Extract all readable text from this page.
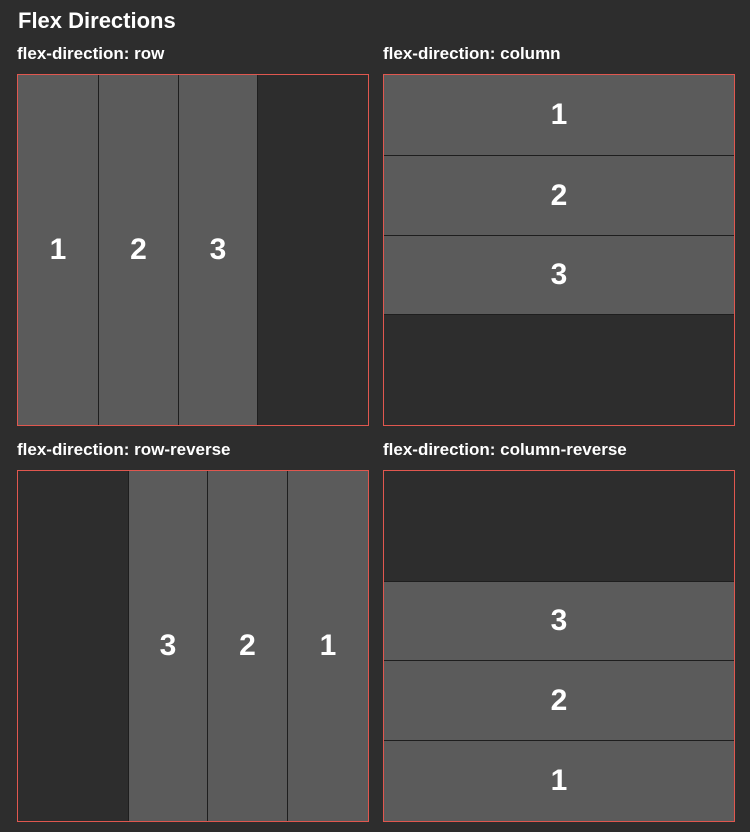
Flex Directions
flex-direction: row
1	2	3
flex-direction: column
1
2
3
flex-direction: row-reverse
1
2
3
flex-direction: column-reverse
1
2
3
